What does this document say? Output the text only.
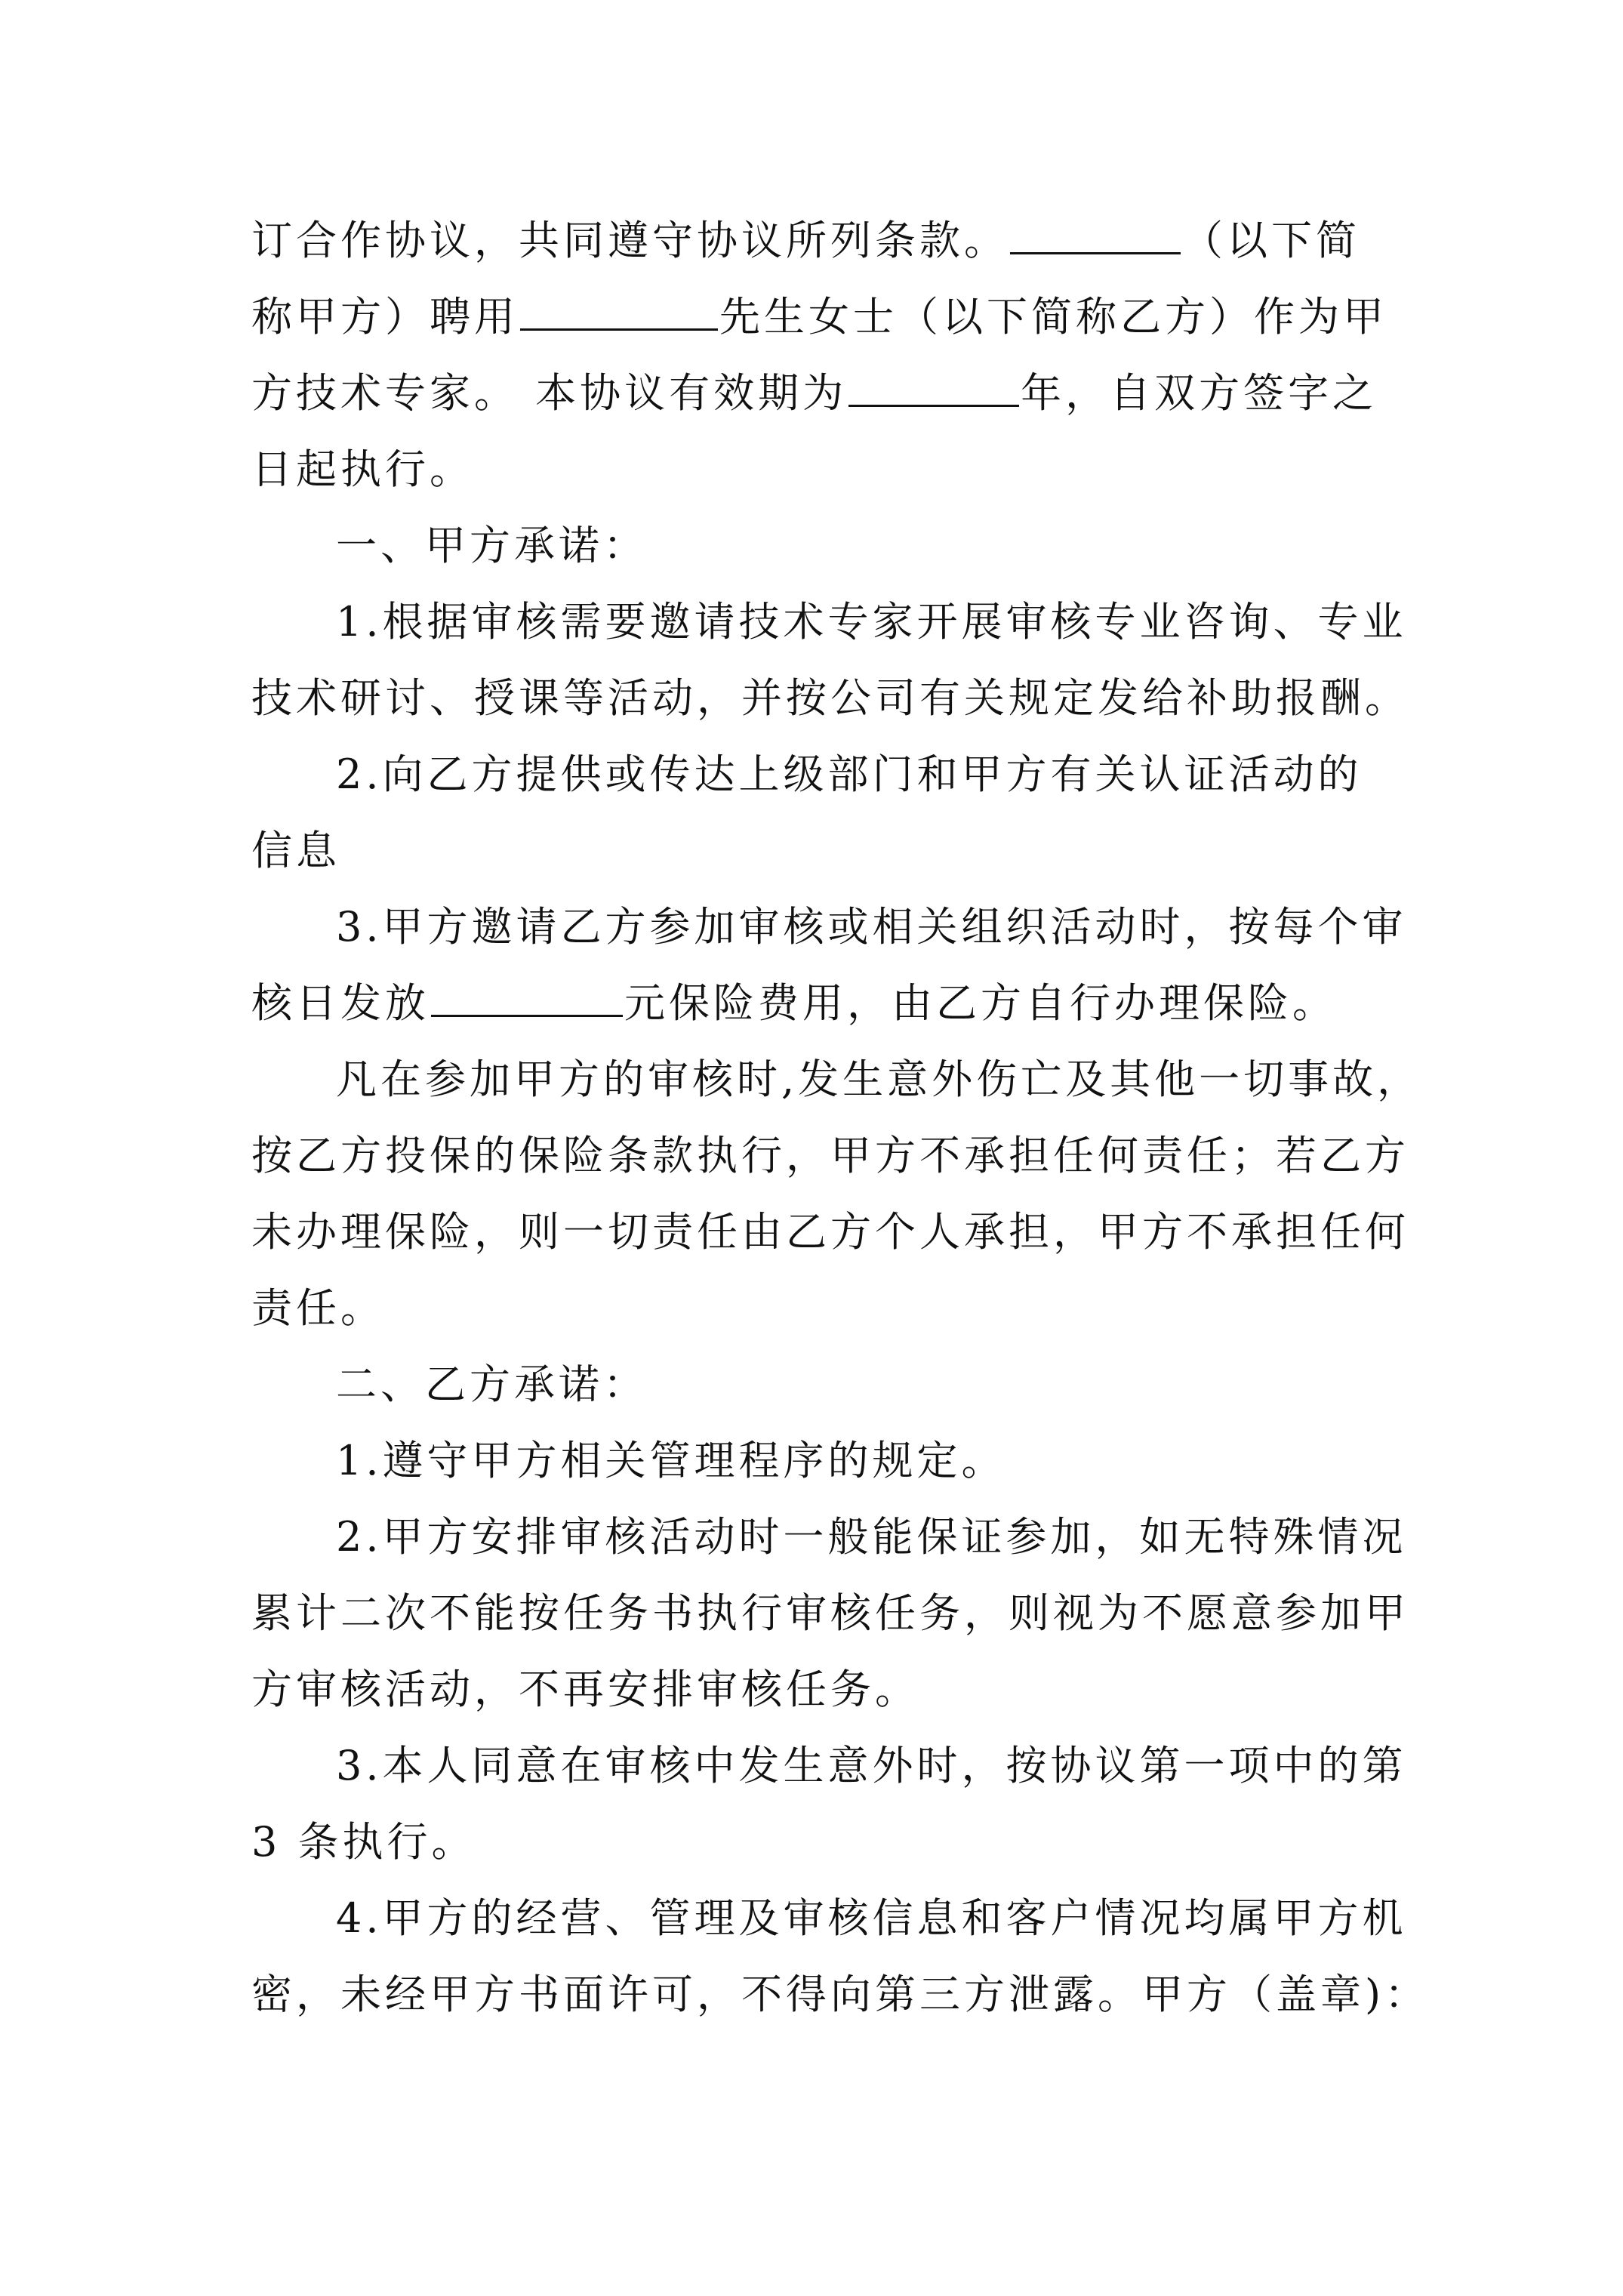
订合作协议，共同遵守协议所列条款。	（以下简
称甲方）聘用	先生女士（以下简称乙方）作为甲
方技术专家。 本协议有效期为	年，自双方签字之
日起执行。
一、甲方承诺：
1.根据审核需要邀请技术专家开展审核专业咨询、专业
技术研讨、授课等活动，并按公司有关规定发给补助报酬。
2.向乙方提供或传达上级部门和甲方有关认证活动的
信息
3.甲方邀请乙方参加审核或相关组织活动时，按每个审
核日发放	元保险费用，由乙方自行办理保险。
凡在参加甲方的审核时,发生意外伤亡及其他一切事故，
按乙方投保的保险条款执行，甲方不承担任何责任；若乙方
未办理保险，则一切责任由乙方个人承担，甲方不承担任何
责任。
二、乙方承诺：
1.遵守甲方相关管理程序的规定。
2.甲方安排审核活动时一般能保证参加，如无特殊情况
累计二次不能按任务书执行审核任务，则视为不愿意参加甲
方审核活动，不再安排审核任务。
3.本人同意在审核中发生意外时，按协议第一项中的第
3 条执行。
4.甲方的经营、管理及审核信息和客户情况均属甲方机
密，未经甲方书面许可，不得向第三方泄露。甲方（盖章)：
